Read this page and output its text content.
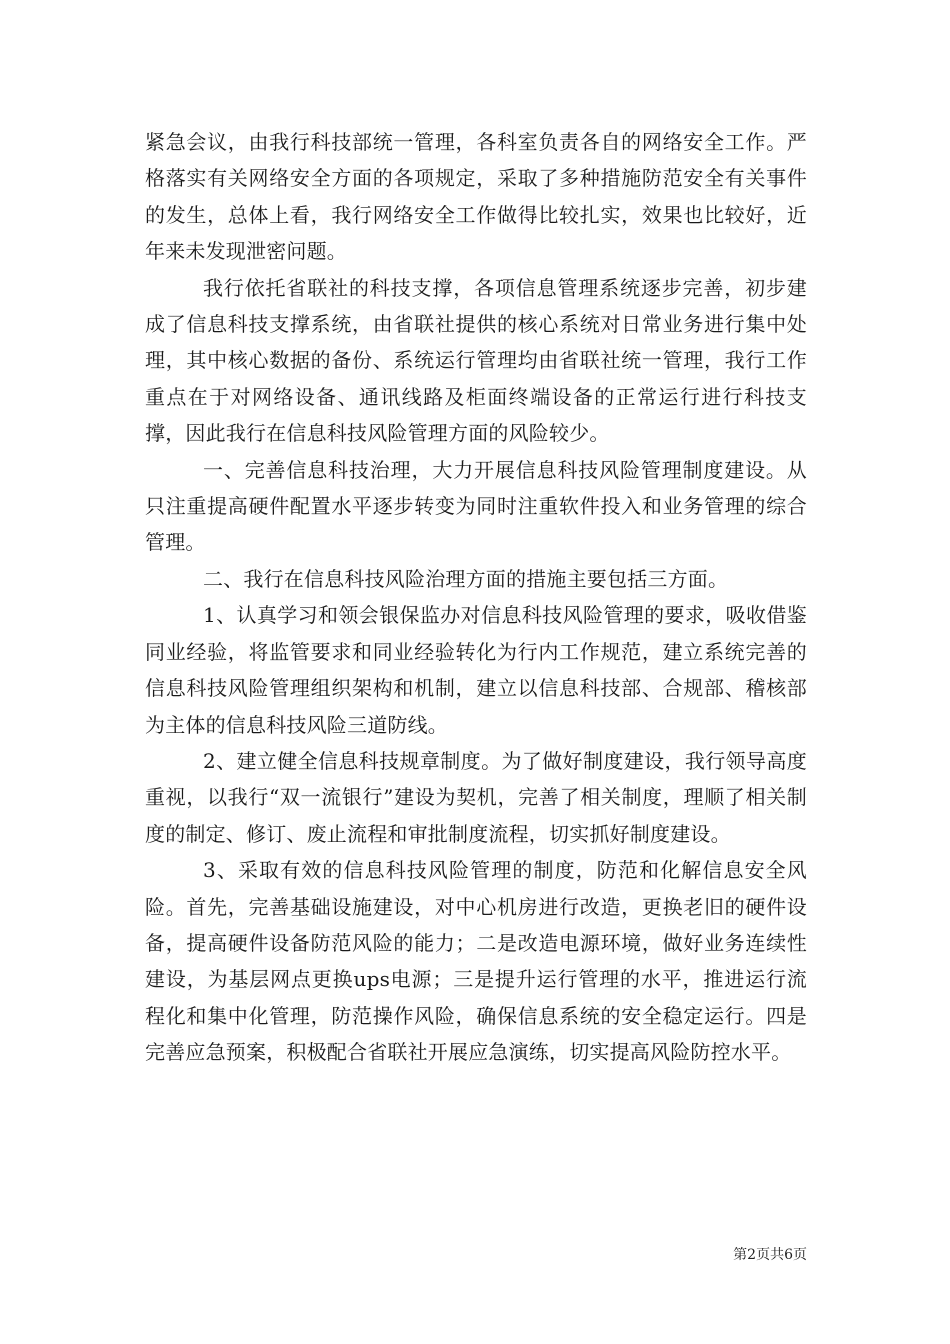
紧急会议，由我行科技部统一管理，各科室负责各自的网络安全工作。严格落实有关网络安全方面的各项规定，采取了多种措施防范安全有关事件的发生，总体上看，我行网络安全工作做得比较扎实，效果也比较好，近年来未发现泄密问题。

我行依托省联社的科技支撑，各项信息管理系统逐步完善，初步建成了信息科技支撑系统，由省联社提供的核心系统对日常业务进行集中处理，其中核心数据的备份、系统运行管理均由省联社统一管理，我行工作重点在于对网络设备、通讯线路及柜面终端设备的正常运行进行科技支撑，因此我行在信息科技风险管理方面的风险较少。

一、完善信息科技治理，大力开展信息科技风险管理制度建设。从只注重提高硬件配置水平逐步转变为同时注重软件投入和业务管理的综合管理。

二、我行在信息科技风险治理方面的措施主要包括三方面。

1、认真学习和领会银保监办对信息科技风险管理的要求，吸收借鉴同业经验，将监管要求和同业经验转化为行内工作规范，建立系统完善的信息科技风险管理组织架构和机制，建立以信息科技部、合规部、稽核部为主体的信息科技风险三道防线。

2、建立健全信息科技规章制度。为了做好制度建设，我行领导高度重视，以我行“双一流银行”建设为契机，完善了相关制度，理顺了相关制度的制定、修订、废止流程和审批制度流程，切实抓好制度建设。

3、采取有效的信息科技风险管理的制度，防范和化解信息安全风险。首先，完善基础设施建设，对中心机房进行改造，更换老旧的硬件设备，提高硬件设备防范风险的能力；二是改造电源环境，做好业务连续性建设，为基层网点更换ups电源；三是提升运行管理的水平，推进运行流程化和集中化管理，防范操作风险，确保信息系统的安全稳定运行。四是完善应急预案，积极配合省联社开展应急演练，切实提高风险防控水平。

第2页共6页
